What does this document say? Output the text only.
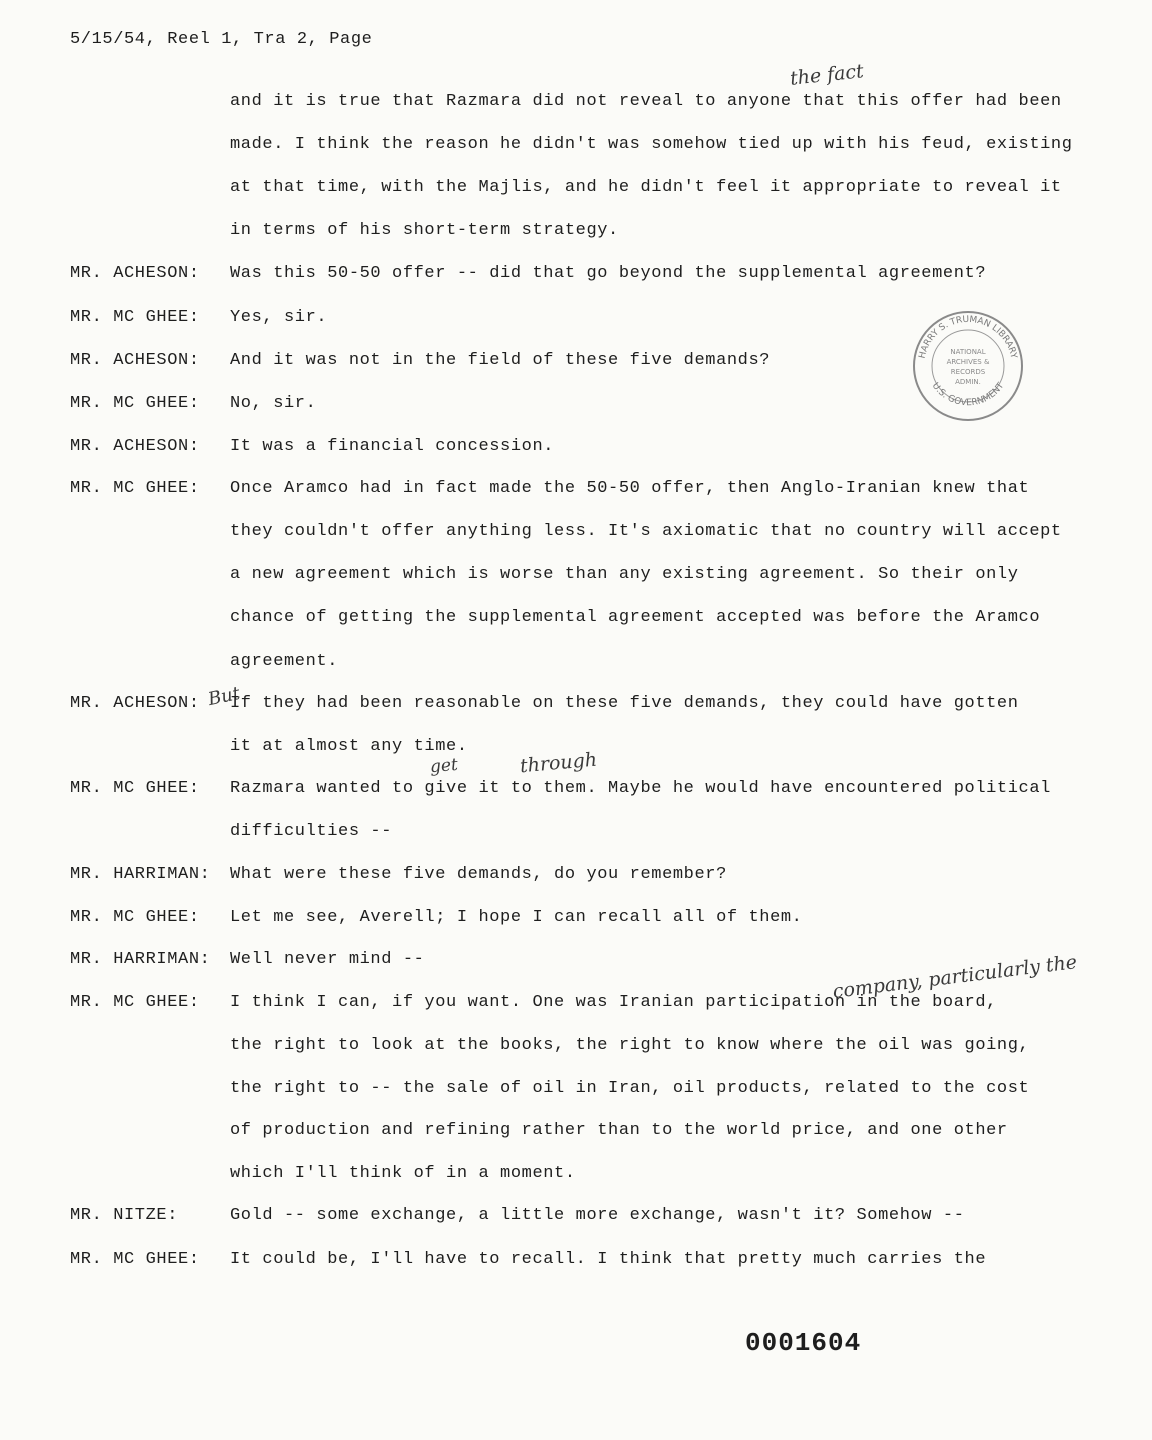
5/15/54, Reel 1, Tra 2, Page
the fact
and it is true that Razmara did not reveal to anyone that this offer had been
made. I think the reason he didn't was somehow tied up with his feud, existing
at that time, with the Majlis, and he didn't feel it appropriate to reveal it
in terms of his short-term strategy.
MR. ACHESON: Was this 50-50 offer -- did that go beyond the supplemental agreement?
MR. MC GHEE: Yes, sir.
MR. ACHESON: And it was not in the field of these five demands?
MR. MC GHEE: No, sir.
MR. ACHESON: It was a financial concession.
MR. MC GHEE: Once Aramco had in fact made the 50-50 offer, then Anglo-Iranian knew that
they couldn't offer anything less. It's axiomatic that no country will accept
a new agreement which is worse than any existing agreement. So their only
chance of getting the supplemental agreement accepted was before the Aramco
agreement.
MR. ACHESON: But
If they had been reasonable on these five demands, they could have gotten
it at almost any time.
MR. MC GHEE:
get	through
Razmara wanted to give it to them. Maybe he would have encountered political
difficulties --
MR. HARRIMAN: What were these five demands, do you remember?
MR. MC GHEE: Let me see, Averell; I hope I can recall all of them.
MR. HARRIMAN: Well never mind --
MR. MC GHEE:	company, particularly the
I think I can, if you want. One was Iranian participation in the board,
the right to look at the books, the right to know where the oil was going,
the right to -- the sale of oil in Iran, oil products, related to the cost
of production and refining rather than to the world price, and one other
which I'll think of in a moment.
MR. NITZE:	Gold -- some exchange, a little more exchange, wasn't it? Somehow --
MR. MC GHEE: It could be, I'll have to recall. I think that pretty much carries the
HARRY S. TRUMAN LIBRARY
U.S. GOVERNMENT
NATIONAL
ARCHIVES &
RECORDS
ADMIN.
0001604
